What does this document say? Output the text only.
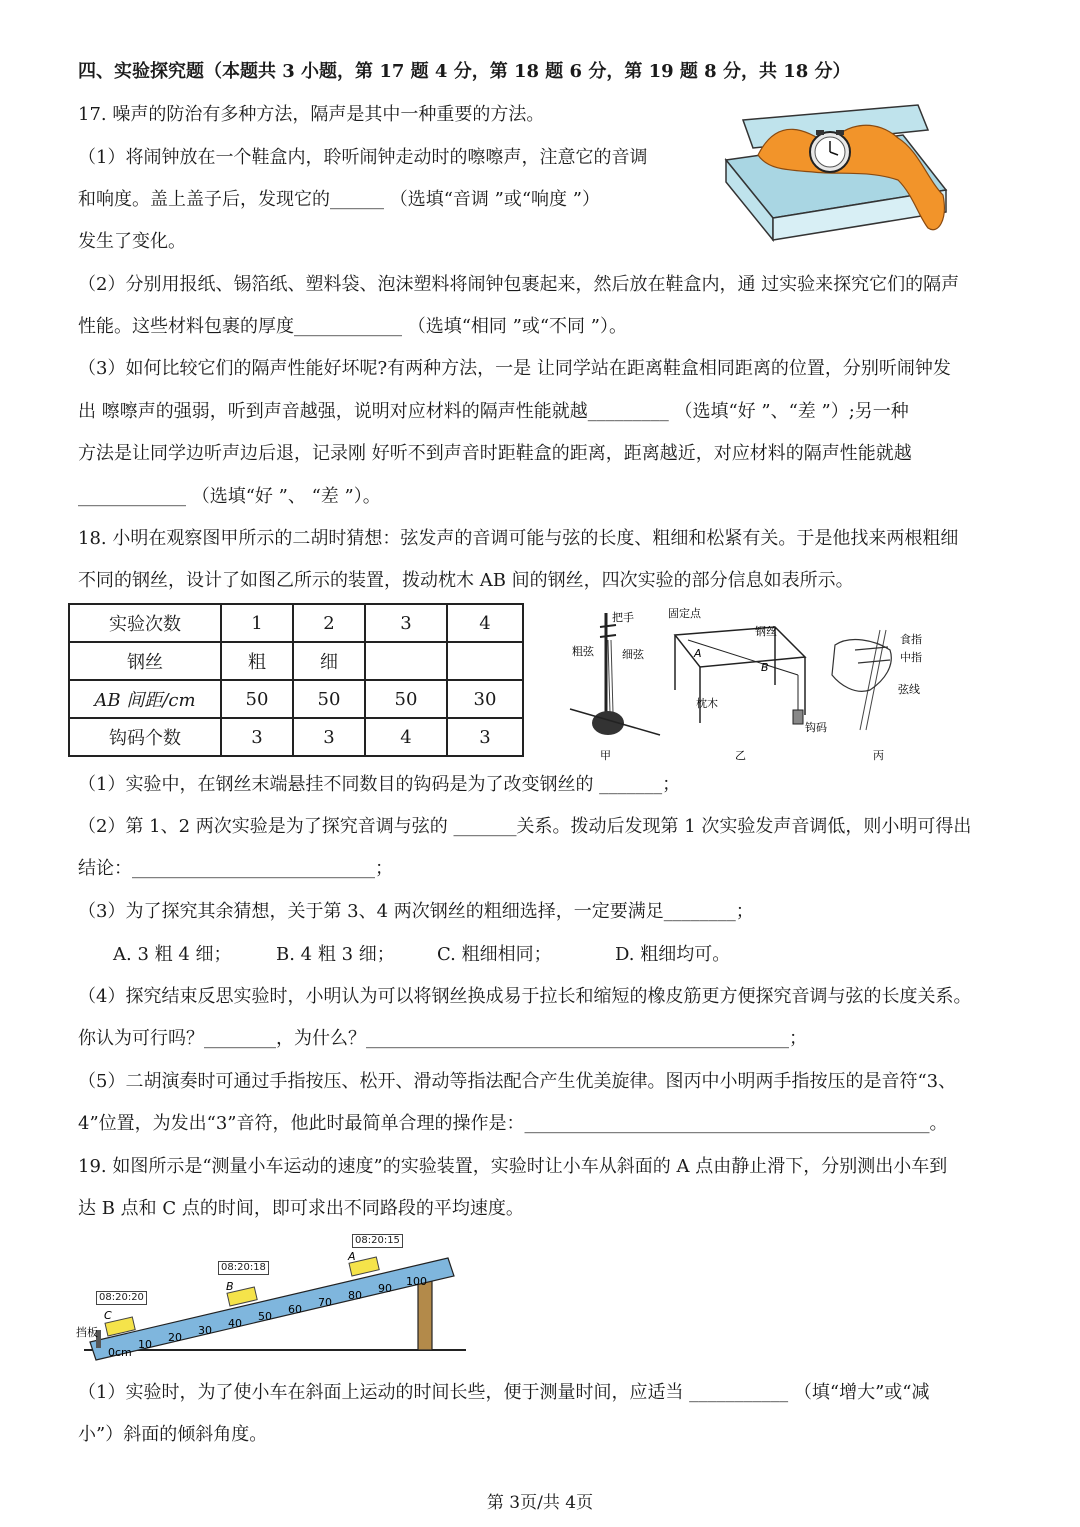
四、实验探究题（本题共 3 小题，第 17 题 4 分，第 18 题 6 分，第 19 题 8 分，共 18 分）
17. 噪声的防治有多种方法，隔声是其中一种重要的方法。
（1）将闹钟放在一个鞋盒内，聆听闹钟走动时的嚓嚓声，注意它的音调
和响度。盖上盖子后，发现它的______ （选填“音调 ”或“响度 ”）
发生了变化。
（2）分别用报纸、锡箔纸、塑料袋、泡沫塑料将闹钟包裹起来，然后放在鞋盒内，通 过实验来探究它们的隔声
性能。这些材料包裹的厚度____________ （选填“相同 ”或“不同 ”）。
（3）如何比较它们的隔声性能好坏呢?有两种方法，一是 让同学站在距离鞋盒相同距离的位置，分别听闹钟发
出 嚓嚓声的强弱，听到声音越强，说明对应材料的隔声性能就越_________ （选填“好 ”、“差 ”）;另一种
方法是让同学边听声边后退，记录刚 好听不到声音时距鞋盒的距离，距离越近，对应材料的隔声性能就越
____________ （选填“好 ”、 “差 ”）。
18. 小明在观察图甲所示的二胡时猜想：弦发声的音调可能与弦的长度、粗细和松紧有关。于是他找来两根粗细
不同的钢丝，设计了如图乙所示的装置，拨动枕木 AB 间的钢丝，四次实验的部分信息如表所示。
实验次数	1	2	3	4
钢丝	粗	细		
AB 间距/cm	50	50	50	30
钩码个数	3	3	4	3
把手
粗弦	细弦
甲
固定点
钢丝
A
B
枕木
钩码
乙
食指
中指
弦线
丙
（1）实验中，在钢丝末端悬挂不同数目的钩码是为了改变钢丝的 _______；
（2）第 1、2 两次实验是为了探究音调与弦的 _______关系。拨动后发现第 1 次实验发声音调低，则小明可得出
结论：___________________________；
（3）为了探究其余猜想，关于第 3、4 两次钢丝的粗细选择，一定要满足________；
A. 3 粗 4 细； B. 4 粗 3 细； C. 粗细相同；	D. 粗细均可。
（4）探究结束反思实验时，小明认为可以将钢丝换成易于拉长和缩短的橡皮筋更方便探究音调与弦的长度关系。
你认为可行吗？________，为什么？_______________________________________________；
（5）二胡演奏时可通过手指按压、松开、滑动等指法配合产生优美旋律。图丙中小明两手指按压的是音符“3、
4”位置，为发出“3”音符，他此时最简单合理的操作是：_____________________________________________。
19. 如图所示是“测量小车运动的速度”的实验装置，实验时让小车从斜面的 A 点由静止滑下，分别测出小车到
达 B 点和 C 点的时间，即可求出不同路段的平均速度。
0cm
10
20
30
40
50
60
70
80
90
100
C
B
A
挡板
08:20:20
08:20:18
08:20:15
（1）实验时，为了使小车在斜面上运动的时间长些，便于测量时间，应适当 ___________ （填“增大”或“减
小”）斜面的倾斜角度。
第 3页/共 4页
